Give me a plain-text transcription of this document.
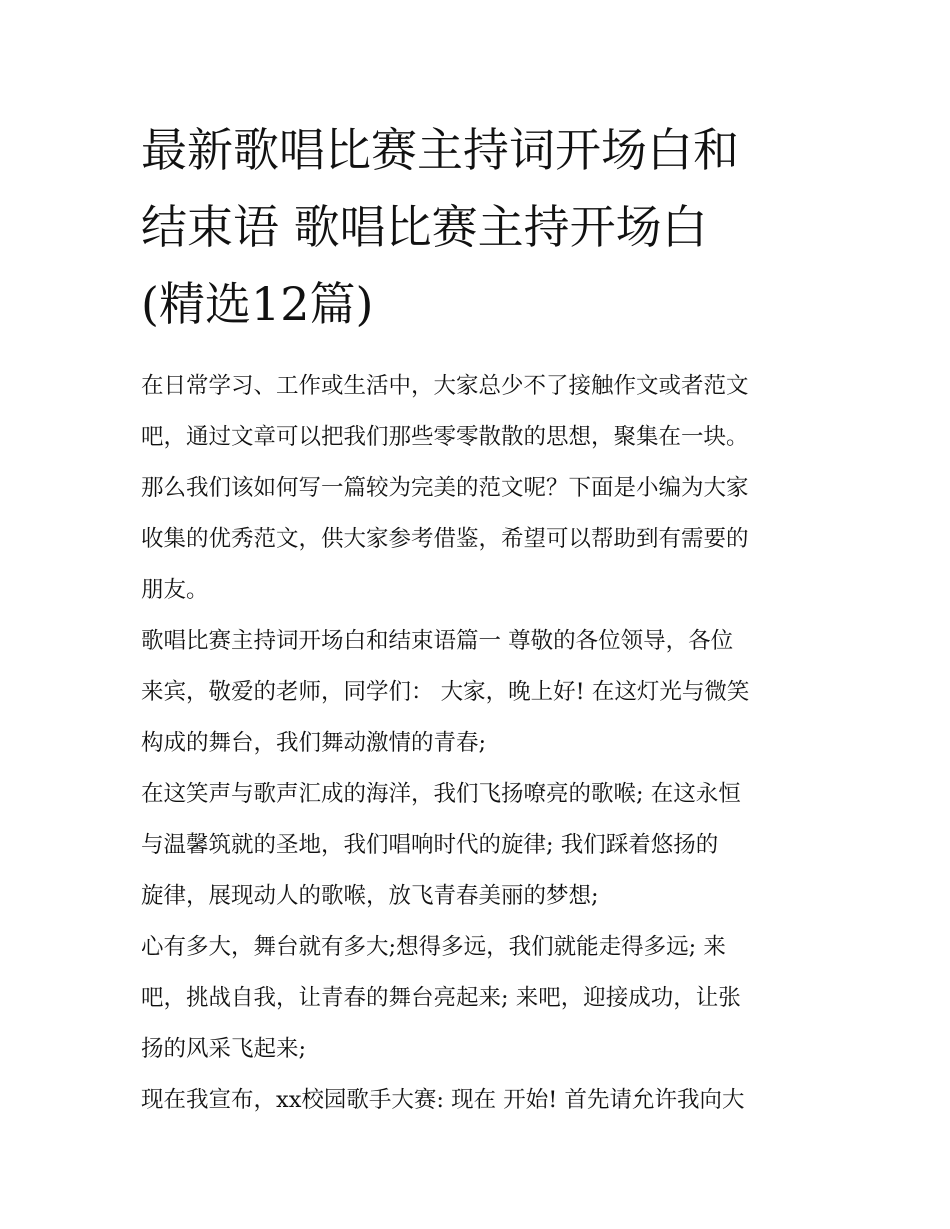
最新歌唱比赛主持词开场白和
结束语 歌唱比赛主持开场白
(精选12篇)

在日常学习、工作或生活中，大家总少不了接触作文或者范文
吧，通过文章可以把我们那些零零散散的思想，聚集在一块。
那么我们该如何写一篇较为完美的范文呢？下面是小编为大家
收集的优秀范文，供大家参考借鉴，希望可以帮助到有需要的
朋友。

歌唱比赛主持词开场白和结束语篇一 尊敬的各位领导，各位
来宾，敬爱的老师，同学们： 大家，晚上好! 在这灯光与微笑
构成的舞台，我们舞动激情的青春;

在这笑声与歌声汇成的海洋，我们飞扬嘹亮的歌喉; 在这永恒
与温馨筑就的圣地，我们唱响时代的旋律; 我们踩着悠扬的
旋律，展现动人的歌喉，放飞青春美丽的梦想;

心有多大，舞台就有多大;想得多远，我们就能走得多远; 来
吧，挑战自我，让青春的舞台亮起来; 来吧，迎接成功，让张
扬的风采飞起来;

现在我宣布，xx校园歌手大赛: 现在 开始! 首先请允许我向大
